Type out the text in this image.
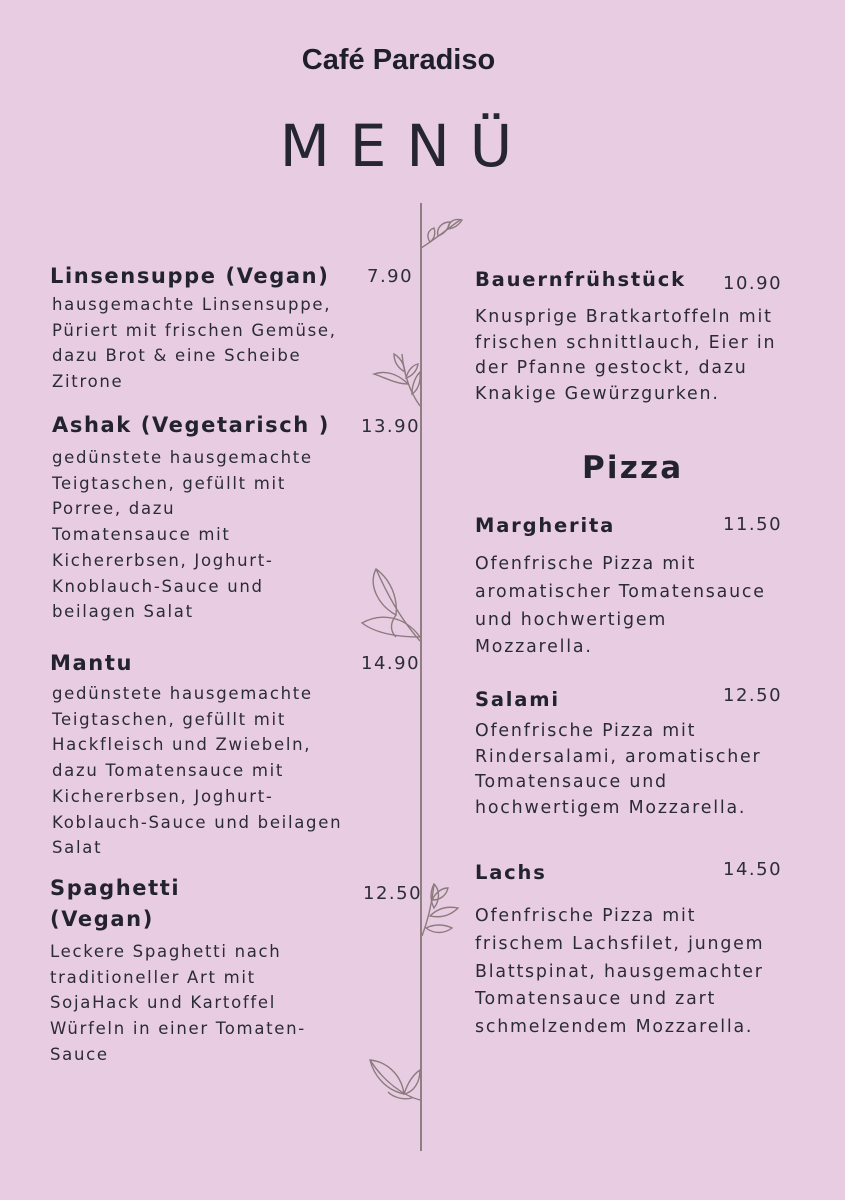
Café Paradiso
MENÜ
Linsensuppe (Vegan) 7.90
hausgemachte Linsensuppe,
Püriert mit frischen Gemüse,
dazu Brot & eine Scheibe
Zitrone
Ashak (Vegetarisch ) 13.90
gedünstete hausgemachte
Teigtaschen, gefüllt mit
Porree, dazu
Tomatensauce mit
Kichererbsen, Joghurt-
Knoblauch-Sauce und
beilagen Salat
Mantu	14.90
gedünstete hausgemachte
Teigtaschen, gefüllt mit
Hackfleisch und Zwiebeln,
dazu Tomatensauce mit
Kichererbsen, Joghurt-
Koblauch-Sauce und beilagen
Salat
Spaghetti
(Vegan)
12.50
Leckere Spaghetti nach
traditioneller Art mit
SojaHack und Kartoffel
Würfeln in einer Tomaten-
Sauce
Bauernfrühstück 10.90
Knusprige Bratkartoffeln mit
frischen schnittlauch, Eier in
der Pfanne gestockt, dazu
Knakige Gewürzgurken.
Pizza
Margherita	11.50
Ofenfrische Pizza mit
aromatischer Tomatensauce
und hochwertigem
Mozzarella.
Salami	12.50
Ofenfrische Pizza mit
Rindersalami, aromatischer
Tomatensauce und
hochwertigem Mozzarella.
Lachs	14.50
Ofenfrische Pizza mit
frischem Lachsfilet, jungem
Blattspinat, hausgemachter
Tomatensauce und zart
schmelzendem Mozzarella.
